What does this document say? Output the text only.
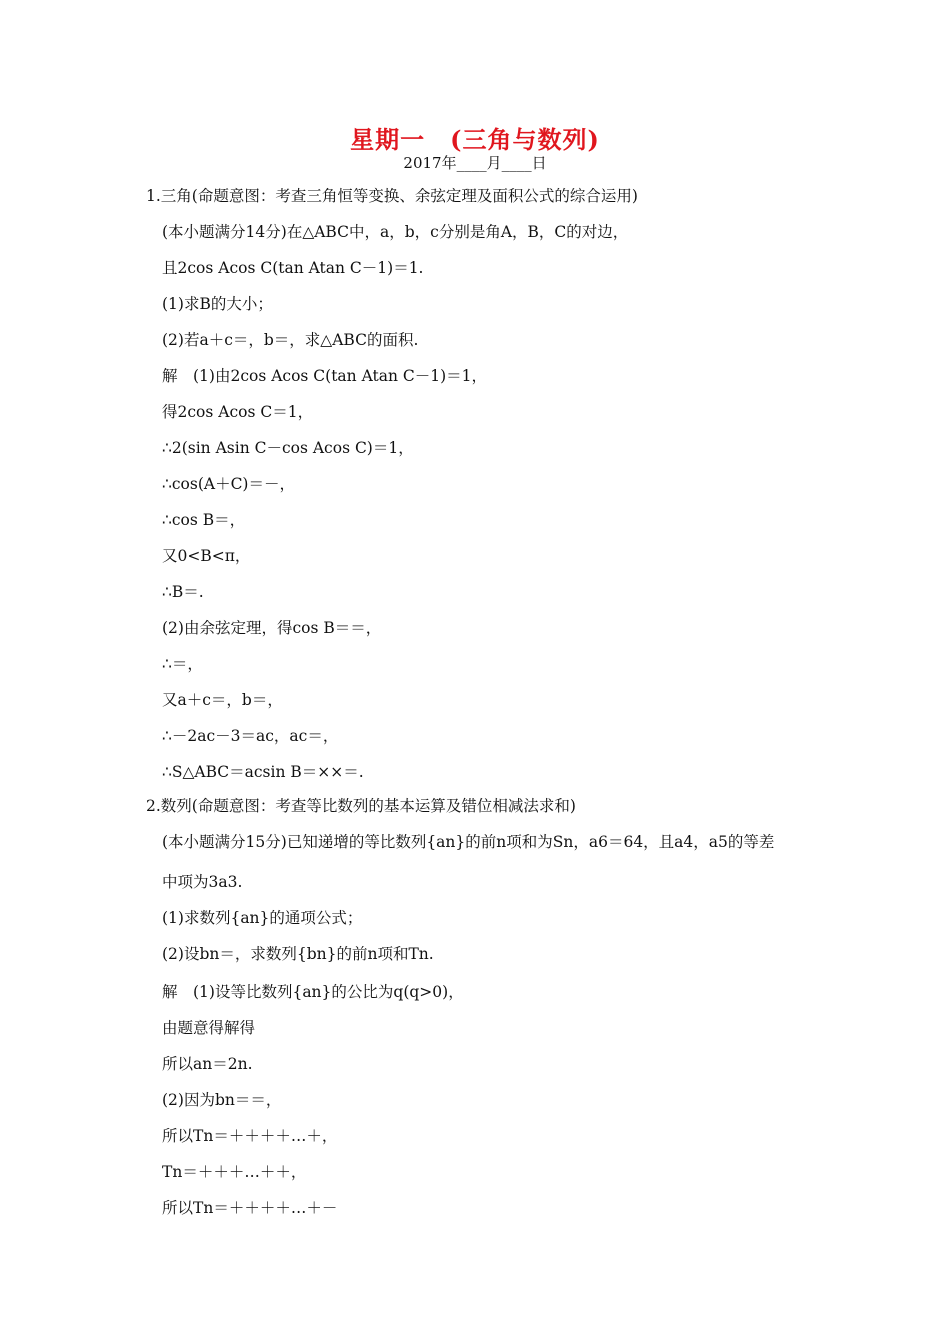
星期一　(三角与数列)
2017年____月____日
1.三角(命题意图：考查三角恒等变换、余弦定理及面积公式的综合运用)
(本小题满分14分)在△ABC中，a，b，c分别是角A，B，C的对边，
且2cos Acos C(tan Atan C－1)＝1.
(1)求B的大小；
(2)若a＋c＝，b＝，求△ABC的面积.
解　(1)由2cos Acos C(tan Atan C－1)＝1，
得2cos Acos C＝1，
∴2(sin Asin C－cos Acos C)＝1，
∴cos(A＋C)＝－，
∴cos B＝，
又0<B<π，
∴B＝.
(2)由余弦定理，得cos B＝＝，
∴＝，
又a＋c＝，b＝，
∴－2ac－3＝ac，ac＝，
∴S△ABC＝acsin B＝××＝.
2.数列(命题意图：考查等比数列的基本运算及错位相减法求和)
(本小题满分15分)已知递增的等比数列{an}的前n项和为Sn，a6＝64，且a4，a5的等差
中项为3a3.
(1)求数列{an}的通项公式；
(2)设bn＝，求数列{bn}的前n项和Tn.
解　(1)设等比数列{an}的公比为q(q>0)，
由题意得解得
所以an＝2n.
(2)因为bn＝＝，
所以Tn＝＋＋＋＋…＋，
Tn＝＋＋＋…＋＋，
所以Tn＝＋＋＋＋…＋－
